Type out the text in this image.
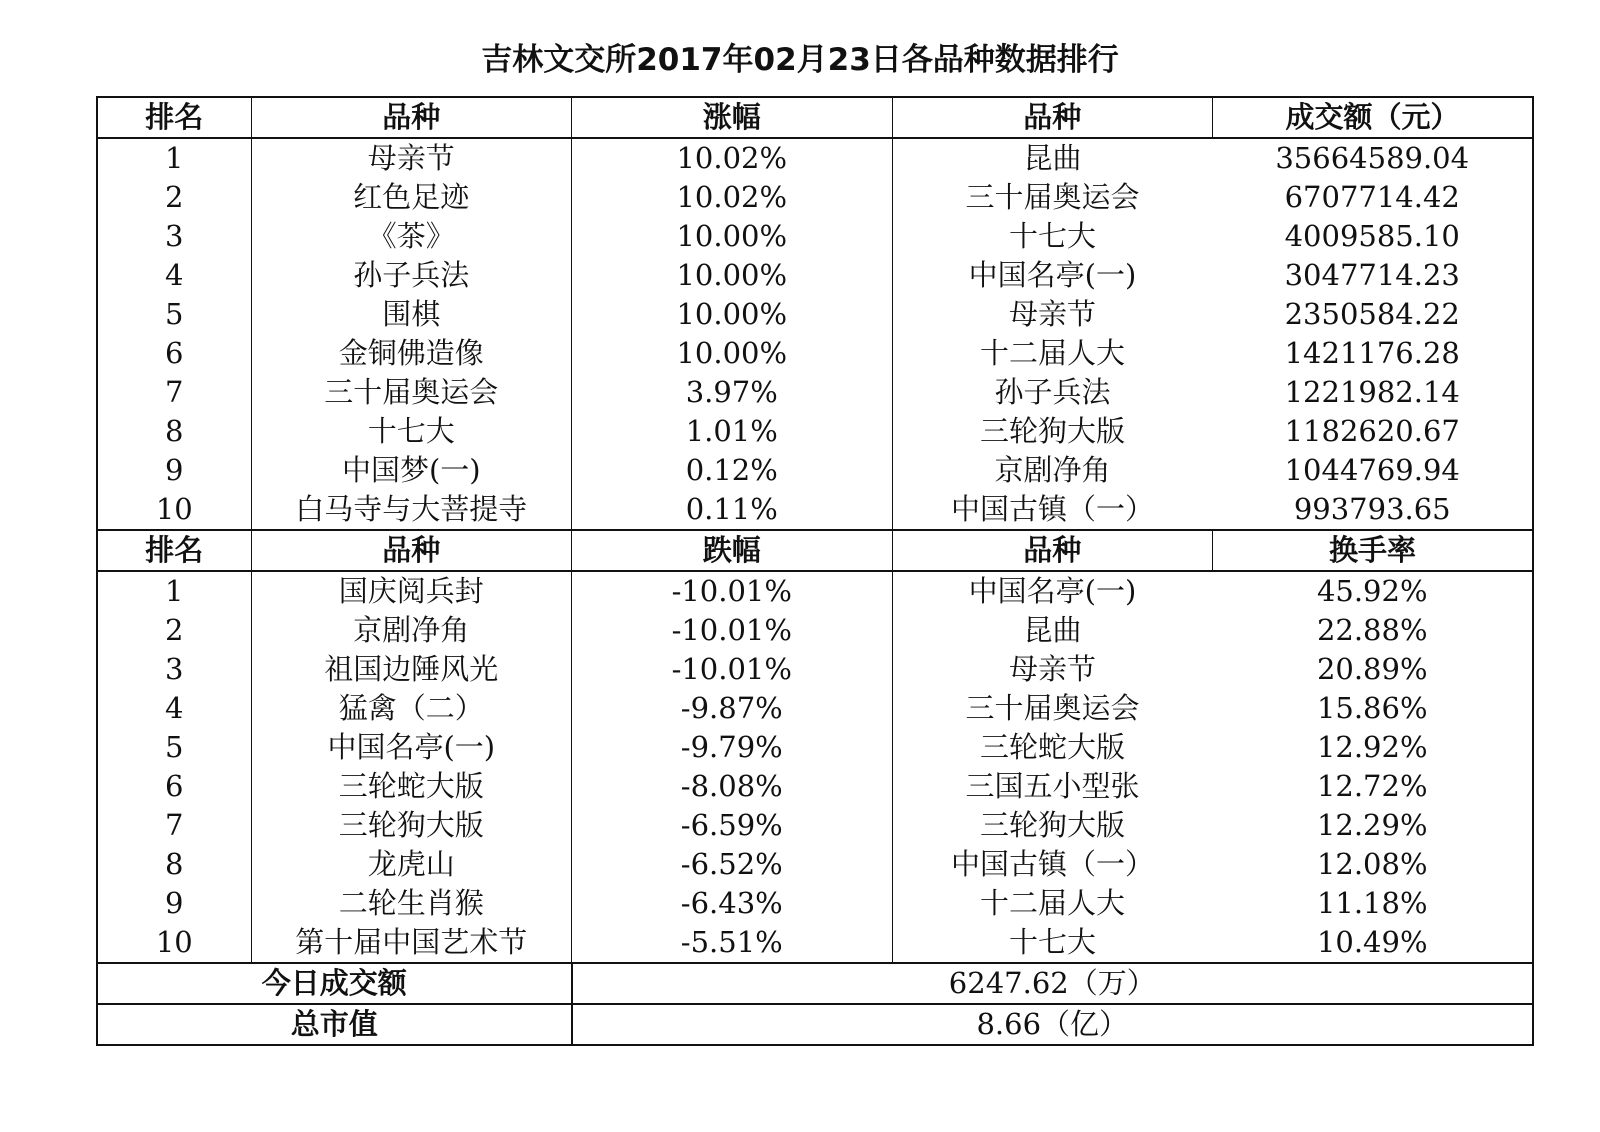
吉林文交所2017年02月23日各品种数据排行
排名	品种	涨幅	品种	成交额（元）
1	母亲节	10.02%	昆曲	35664589.04
2	红色足迹	10.02%	三十届奥运会	6707714.42
3	《茶》	10.00%	十七大	4009585.10
4	孙子兵法	10.00%	中国名亭(一)	3047714.23
5	围棋	10.00%	母亲节	2350584.22
6	金铜佛造像	10.00%	十二届人大	1421176.28
7	三十届奥运会	3.97%	孙子兵法	1221982.14
8	十七大	1.01%	三轮狗大版	1182620.67
9	中国梦(一)	0.12%	京剧净角	1044769.94
10	白马寺与大菩提寺	0.11%	中国古镇（一）	993793.65
排名	品种	跌幅	品种	换手率
1	国庆阅兵封	-10.01%	中国名亭(一)	45.92%
2	京剧净角	-10.01%	昆曲	22.88%
3	祖国边陲风光	-10.01%	母亲节	20.89%
4	猛禽（二）	-9.87%	三十届奥运会	15.86%
5	中国名亭(一)	-9.79%	三轮蛇大版	12.92%
6	三轮蛇大版	-8.08%	三国五小型张	12.72%
7	三轮狗大版	-6.59%	三轮狗大版	12.29%
8	龙虎山	-6.52%	中国古镇（一）	12.08%
9	二轮生肖猴	-6.43%	十二届人大	11.18%
10	第十届中国艺术节	-5.51%	十七大	10.49%
今日成交额		6247.62（万）		
总市值		8.66（亿）		
